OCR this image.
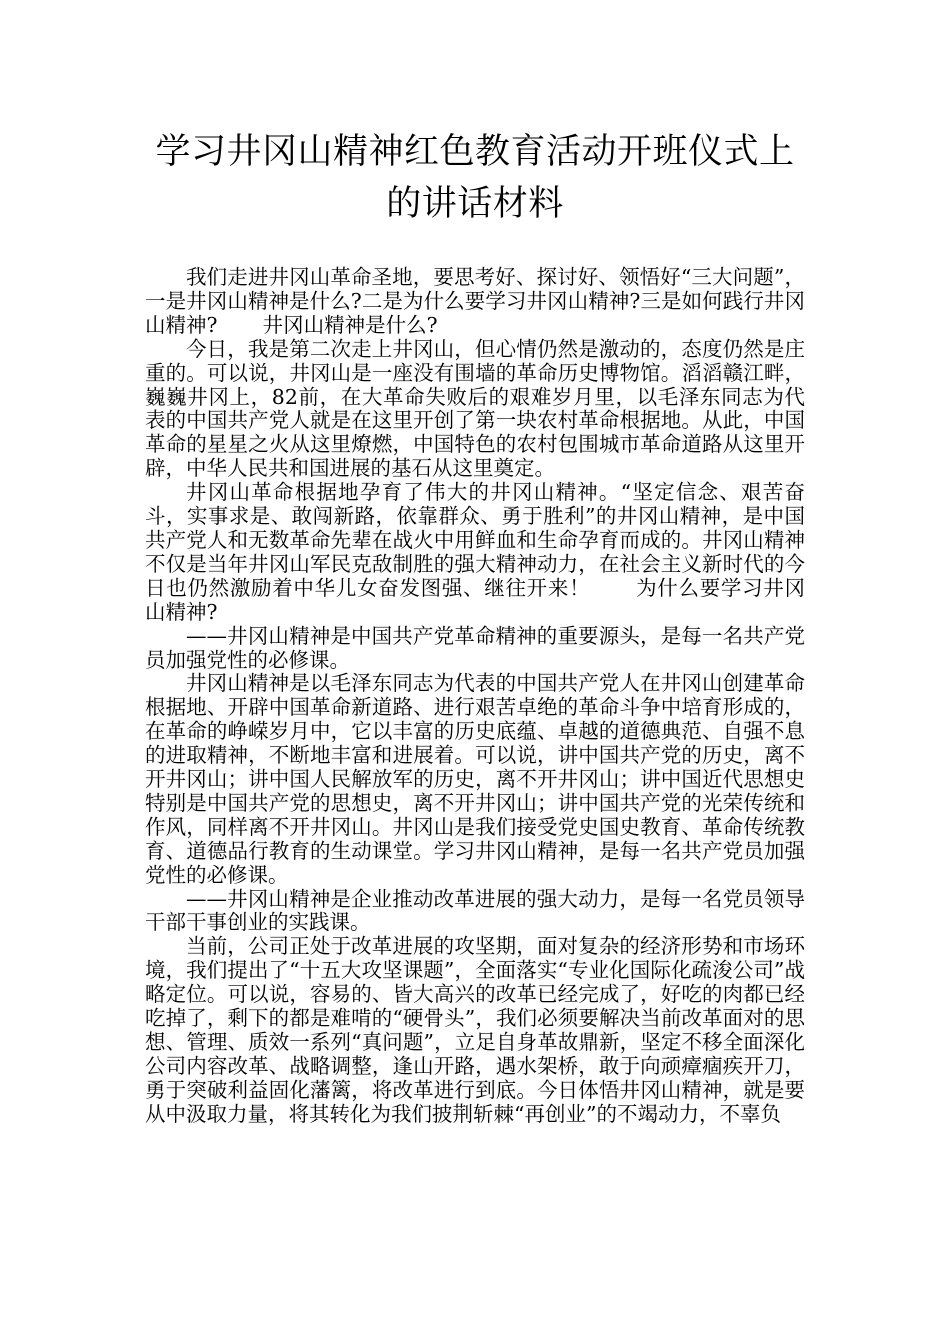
学习井冈山精神红色教育活动开班仪式上
的讲话材料

我们走进井冈山革命圣地，要思考好、探讨好、领悟好“三大问题”，一是井冈山精神是什么?二是为什么要学习井冈山精神?三是如何践行井冈山精神? 井冈山精神是什么?

今日，我是第二次走上井冈山，但心情仍然是激动的，态度仍然是庄重的。可以说，井冈山是一座没有围墙的革命历史博物馆。滔滔赣江畔，巍巍井冈上，82前，在大革命失败后的艰难岁月里，以毛泽东同志为代表的中国共产党人就是在这里开创了第一块农村革命根据地。从此，中国革命的星星之火从这里燎燃，中国特色的农村包围城市革命道路从这里开辟，中华人民共和国进展的基石从这里奠定。

井冈山革命根据地孕育了伟大的井冈山精神。“坚定信念、艰苦奋斗，实事求是、敢闯新路，依靠群众、勇于胜利”的井冈山精神，是中国共产党人和无数革命先辈在战火中用鲜血和生命孕育而成的。井冈山精神不仅是当年井冈山军民克敌制胜的强大精神动力，在社会主义新时代的今日也仍然激励着中华儿女奋发图强、继往开来！ 为什么要学习井冈山精神?

——井冈山精神是中国共产党革命精神的重要源头，是每一名共产党员加强党性的必修课。

井冈山精神是以毛泽东同志为代表的中国共产党人在井冈山创建革命根据地、开辟中国革命新道路、进行艰苦卓绝的革命斗争中培育形成的，在革命的峥嵘岁月中，它以丰富的历史底蕴、卓越的道德典范、自强不息的进取精神，不断地丰富和进展着。可以说，讲中国共产党的历史，离不开井冈山；讲中国人民解放军的历史，离不开井冈山；讲中国近代思想史特别是中国共产党的思想史，离不开井冈山；讲中国共产党的光荣传统和作风，同样离不开井冈山。井冈山是我们接受党史国史教育、革命传统教育、道德品行教育的生动课堂。学习井冈山精神，是每一名共产党员加强党性的必修课。

——井冈山精神是企业推动改革进展的强大动力，是每一名党员领导干部干事创业的实践课。

当前，公司正处于改革进展的攻坚期，面对复杂的经济形势和市场环境，我们提出了“十五大攻坚课题”，全面落实“专业化国际化疏浚公司”战略定位。可以说，容易的、皆大高兴的改革已经完成了，好吃的肉都已经吃掉了，剩下的都是难啃的“硬骨头”，我们必须要解决当前改革面对的思想、管理、质效一系列“真问题”，立足自身革故鼎新，坚定不移全面深化公司内容改革、战略调整，逢山开路，遇水架桥，敢于向顽瘴痼疾开刀，勇于突破利益固化藩篱，将改革进行到底。今日体悟井冈山精神，就是要从中汲取力量，将其转化为我们披荆斩棘“再创业”的不竭动力，不辜负
